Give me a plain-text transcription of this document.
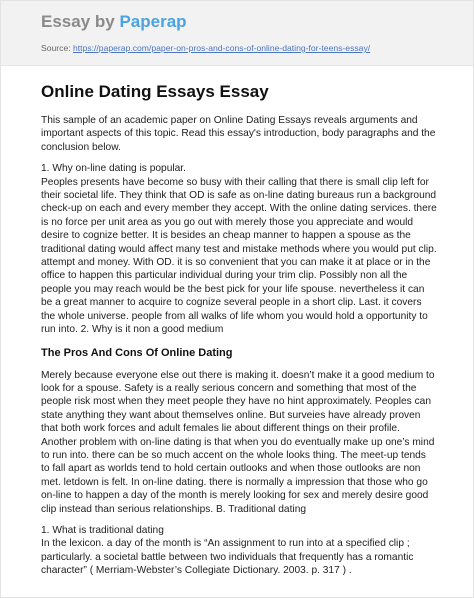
Essay by Paperap
Source: https://paperap.com/paper-on-pros-and-cons-of-online-dating-for-teens-essay/
Online Dating Essays Essay

This sample of an academic paper on Online Dating Essays reveals arguments and important aspects of this topic. Read this essay's introduction, body paragraphs and the conclusion below.

1. Why on-line dating is popular.

Peoples presents have become so busy with their calling that there is small clip left for their societal life. They think that OD is safe as on-line dating bureaus run a background check-up on each and every member they accept. With the online dating services. there is no force per unit area as you go out with merely those you appreciate and would desire to cognize better. It is besides an cheap manner to happen a spouse as the traditional dating would affect many test and mistake methods where you would put clip. attempt and money. With OD. it is so convenient that you can make it at place or in the office to happen this particular individual during your trim clip. Possibly non all the people you may reach would be the best pick for your life spouse. nevertheless it can be a great manner to acquire to cognize several people in a short clip. Last. it covers the whole universe. people from all walks of life whom you would hold a opportunity to run into. 2. Why is it non a good medium

The Pros And Cons Of Online Dating

Merely because everyone else out there is making it. doesn’t make it a good medium to look for a spouse. Safety is a really serious concern and something that most of the people risk most when they meet people they have no hint approximately. Peoples can state anything they want about themselves online. But surveies have already proven that both work forces and adult females lie about different things on their profile. Another problem with on-line dating is that when you do eventually make up one’s mind to run into. there can be so much accent on the whole looks thing. The meet-up tends to fall apart as worlds tend to hold certain outlooks and when those outlooks are non met. letdown is felt. In on-line dating. there is normally a impression that those who go on-line to happen a day of the month is merely looking for sex and merely desire good clip instead than serious relationships. B. Traditional dating

1. What is traditional dating

In the lexicon. a day of the month is “An assignment to run into at a specified clip ; particularly. a societal battle between two individuals that frequently has a romantic character” ( Merriam-Webster’s Collegiate Dictionary. 2003. p. 317 ) .
